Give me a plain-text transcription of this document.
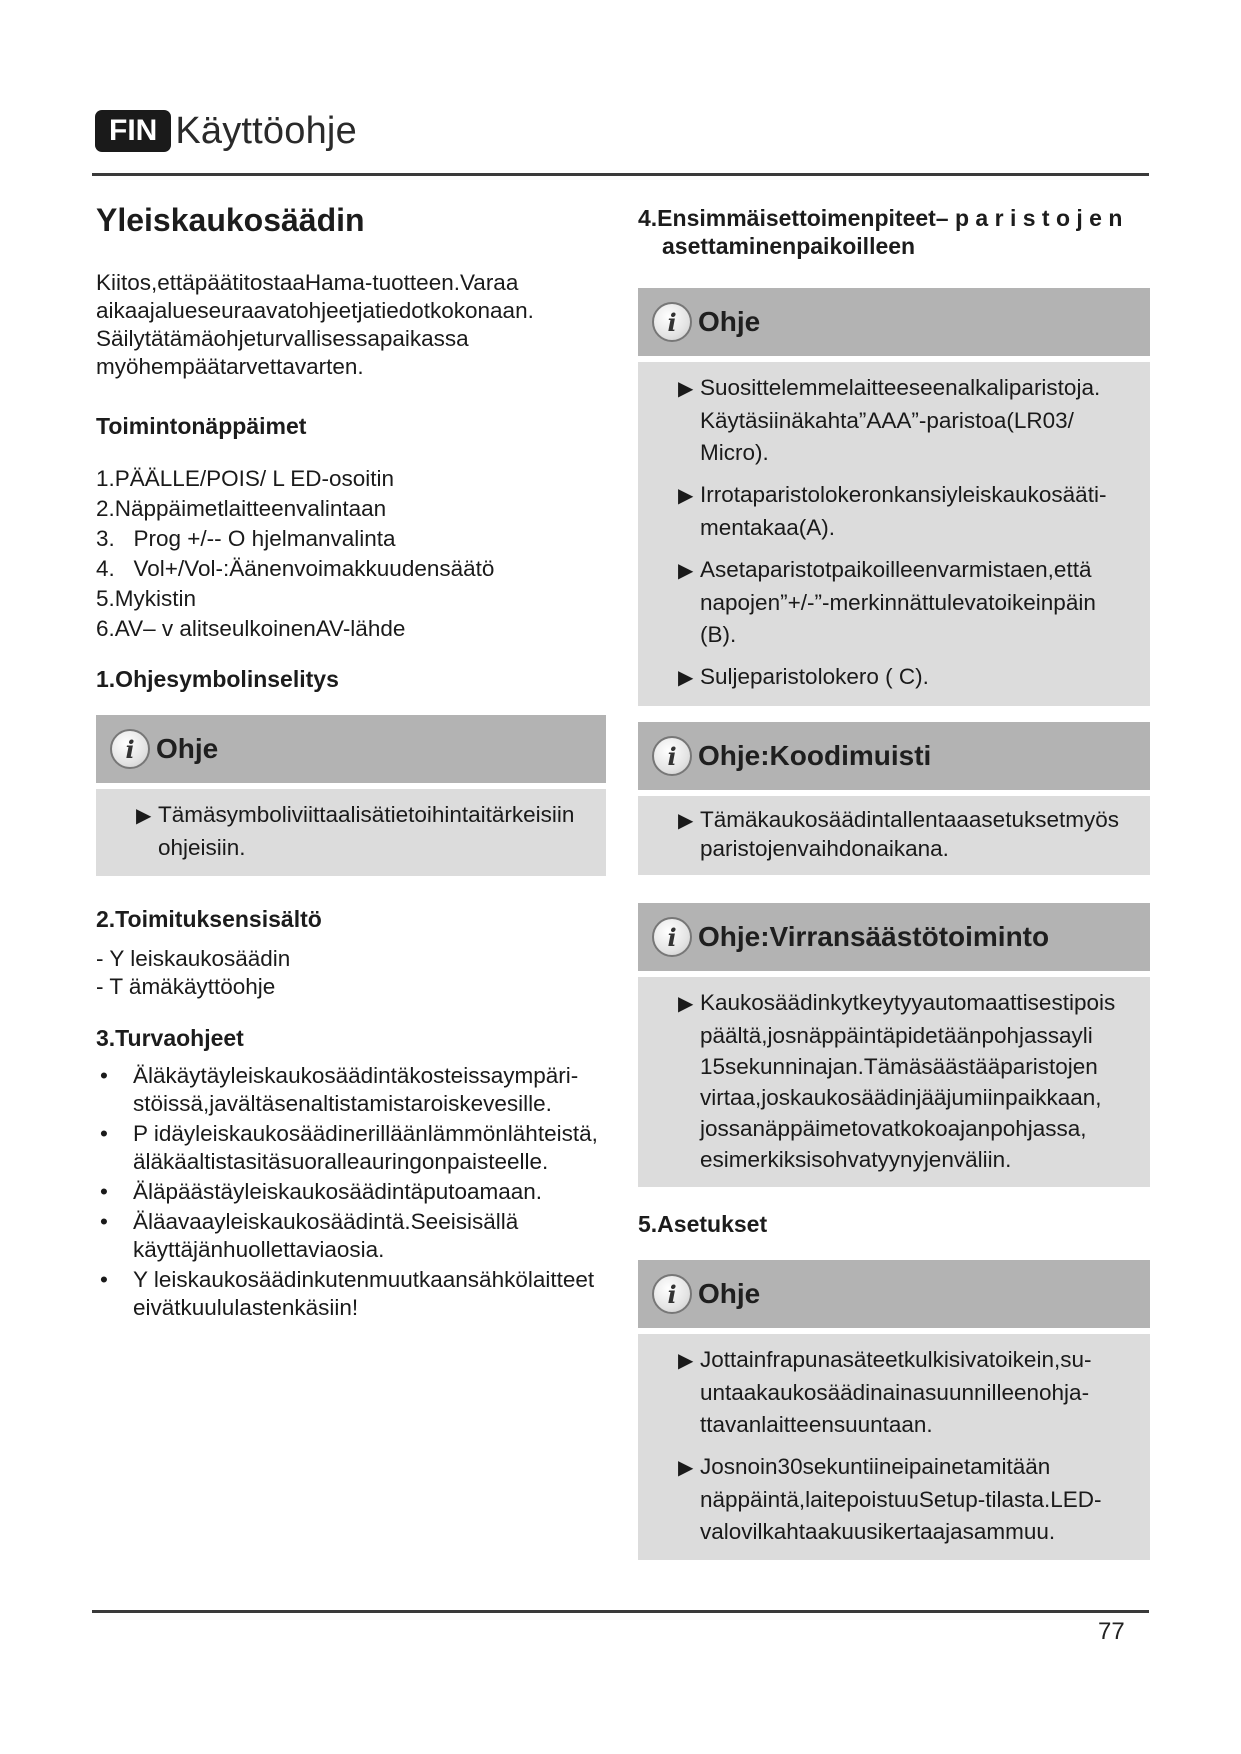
FIN Käyttöohje
Yleiskaukosäädin

Kiitos,ettäpäätitostaaHama-tuotteen.Varaa

aikaajalueseuraavatohjeetjatiedotkokonaan.

Säilytätämäohjeturvallisessapaikassa

myöhempäätarvettavarten.

Toimintonäppäimet
1.PÄÄLLE/POIS/ L ED-osoitin
2.Näppäimetlaitteenvalintaan
3.   Prog +/-- O hjelmanvalinta
4.   Vol+/Vol-:Äänenvoimakkuudensäätö
5.Mykistin
6.AV– v alitseulkoinenAV-lähde
1.Ohjesymbolinselitys
i Ohje
▶ Tämäsymboliviittaalisätietoihintaitärkeisiin ohjeisiin.
2.Toimituksensisältö
- Y leiskaukosäädin
- T ämäkäyttöohje
3.Turvaohjeet
• Äläkäytäyleiskaukosäädintäkosteissaympäri-stöissä,javältäsenaltistamistaroiskevesille.
• P idäyleiskaukosäädinerilläänlämmönlähteistä, äläkäaltistasitäsuoralleauringonpaisteelle.
• Äläpäästäyleiskaukosäädintäputoamaan.
• Äläavaayleiskaukosäädintä.Seeisisällä käyttäjänhuollettaviaosia.
• Y leiskaukosäädinkutenmuutkaansähkölaitteet eivätkuululastenkäsiin!
4.Ensimmäisettoimenpiteet– p a r i s t o j e n
asettaminenpaikoilleen
i Ohje
▶ Suosittelemmelaitteeseenalkaliparistoja. Käytäsiinäkahta”AAA”-paristoa(LR03/ Micro).
▶ Irrotaparistolokeronkansiyleiskaukosääti-mentakaa(A).
▶ Asetaparistotpaikoilleenvarmistaen,että napojen”+/-”-merkinnättulevatoikeinpäin (B).
▶ Suljeparistolokero ( C).
i Ohje:Koodimuisti
▶ Tämäkaukosäädintallentaaasetuksetmyös paristojenvaihdonaikana.
i Ohje:Virransäästötoiminto
▶ Kaukosäädinkytkeytyyautomaattisestipois päältä,josnäppäintäpidetäänpohjassayli 15sekunninajan.Tämäsäästääparistojen virtaa,joskaukosäädinjääjumiinpaikkaan, jossanäppäimetovatkokoajanpohjassa, esimerkiksisohvatyynyjenväliin.
5.Asetukset
i Ohje
▶ Jottainfrapunasäteetkulkisivatoikein,su-untaakaukosäädinainasuunnilleenohja-ttavanlaitteensuuntaan.
▶ Josnoin30sekuntiineipainetamitään näppäintä,laitepoistuuSetup-tilasta.LED-valovilkahtaakuusikertaajasammuu.
77
